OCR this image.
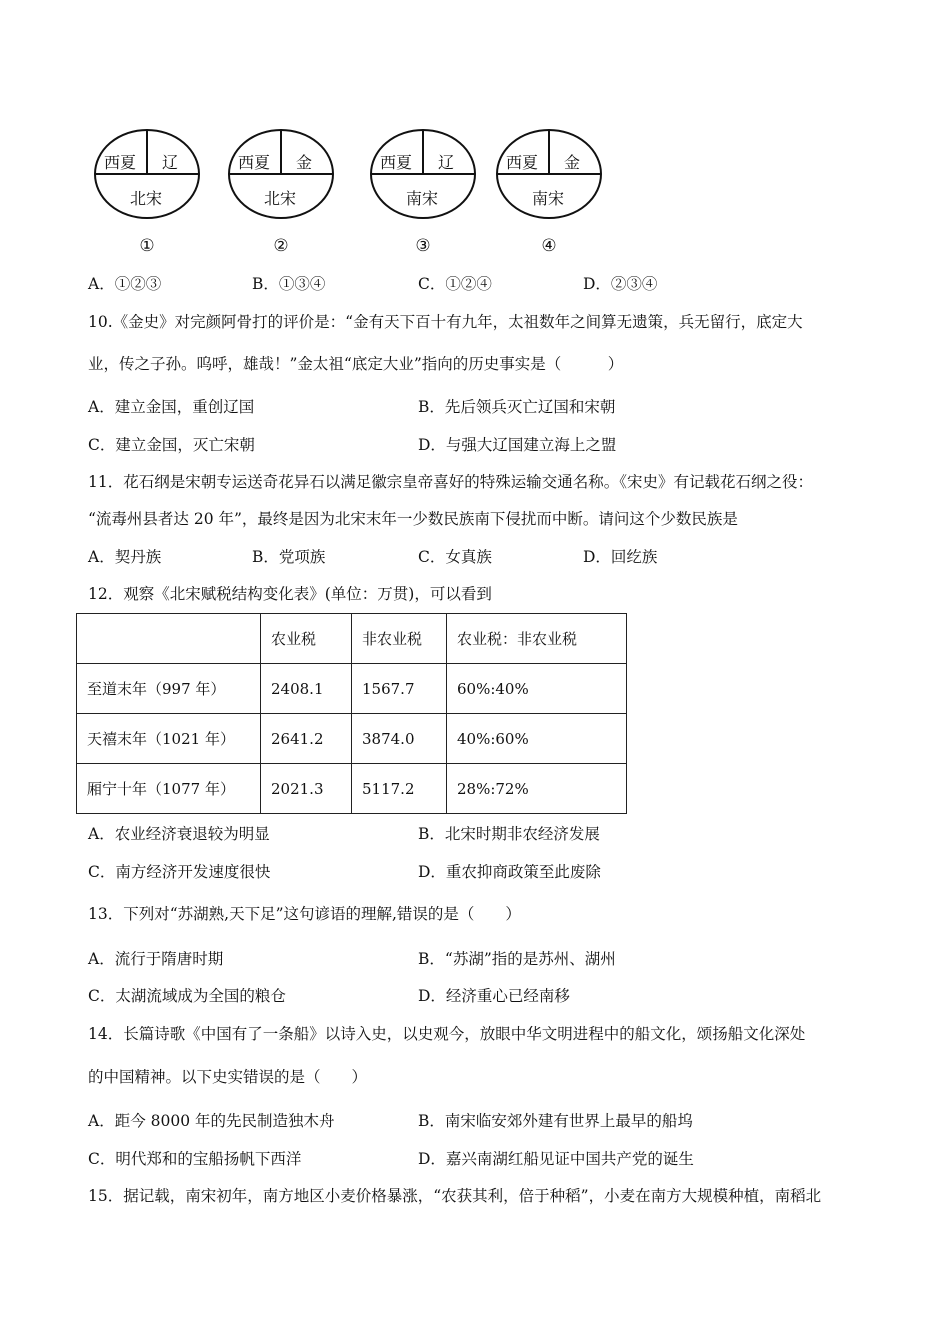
西夏 辽
北宋
①
西夏 金
北宋
②
西夏 辽
南宋
③
西夏 金
南宋
④
A．①②③	B．①③④	C．①②④	D．②③④
10.《金史》对完颜阿骨打的评价是：“金有天下百十有九年，太祖数年之间算无遗策，兵无留行，底定大
业，传之子孙。呜呼，雄哉！”金太祖“底定大业”指向的历史事实是（　　　）
A．建立金国，重创辽国	B．先后领兵灭亡辽国和宋朝
C．建立金国，灭亡宋朝	D．与强大辽国建立海上之盟
11．花石纲是宋朝专运送奇花异石以满足徽宗皇帝喜好的特殊运输交通名称。《宋史》有记载花石纲之役：
“流毒州县者达 20 年”，最终是因为北宋末年一少数民族南下侵扰而中断。请问这个少数民族是
A．契丹族	B．党项族	C．女真族	D．回纥族
12．观察《北宋赋税结构变化表》(单位：万贯)，可以看到
	农业税	非农业税	农业税：非农业税
至道末年（997 年）	2408.1	1567.7	60%:40%
天禧末年（1021 年）	2641.2	3874.0	40%:60%
厢宁十年（1077 年）	2021.3	5117.2	28%:72%
A．农业经济衰退较为明显	B．北宋时期非农经济发展
C．南方经济开发速度很快	D．重农抑商政策至此废除
13．下列对“苏湖熟,天下足”这句谚语的理解,错误的是（　　）
A．流行于隋唐时期	B．“苏湖”指的是苏州、湖州
C．太湖流域成为全国的粮仓	D．经济重心已经南移
14．长篇诗歌《中国有了一条船》以诗入史，以史观今，放眼中华文明进程中的船文化，颂扬船文化深处
的中国精神。以下史实错误的是（　　）
A．距今 8000 年的先民制造独木舟	B．南宋临安郊外建有世界上最早的船坞
C．明代郑和的宝船扬帆下西洋	D．嘉兴南湖红船见证中国共产党的诞生
15．据记载，南宋初年，南方地区小麦价格暴涨，“农获其利，倍于种稻”，小麦在南方大规模种植，南稻北
